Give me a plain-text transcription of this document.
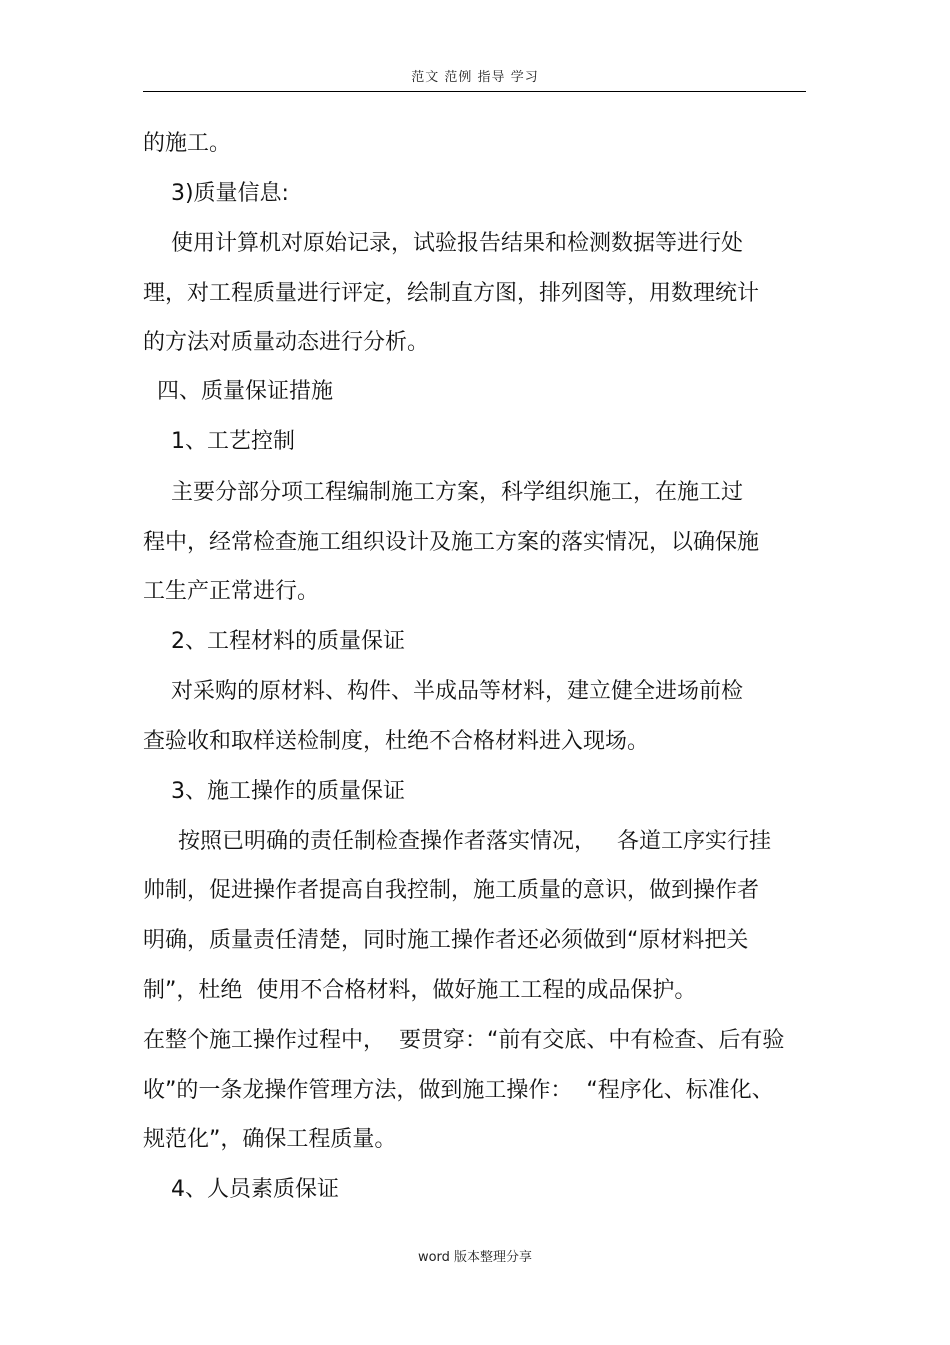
范文 范例 指导 学习
的施工。
3)质量信息:
使用计算机对原始记录，试验报告结果和检测数据等进行处
理，对工程质量进行评定，绘制直方图，排列图等，用数理统计
的方法对质量动态进行分析。
四、质量保证措施
1、工艺控制
主要分部分项工程编制施工方案，科学组织施工，在施工过
程中，经常检查施工组织设计及施工方案的落实情况，以确保施
工生产正常进行。
2、工程材料的质量保证
对采购的原材料、构件、半成品等材料，建立健全进场前检
查验收和取样送检制度，杜绝不合格材料进入现场。
3、施工操作的质量保证
按照已明确的责任制检查操作者落实情况，   各道工序实行挂
帅制，促进操作者提高自我控制，施工质量的意识，做到操作者
明确，质量责任清楚，同时施工操作者还必须做到“原材料把关
制”，杜绝  使用不合格材料，做好施工工程的成品保护。
在整个施工操作过程中，  要贯穿：“前有交底、中有检查、后有验
收”的一条龙操作管理方法，做到施工操作：  “程序化、标准化、
规范化”，确保工程质量。
4、人员素质保证
word 版本整理分享
